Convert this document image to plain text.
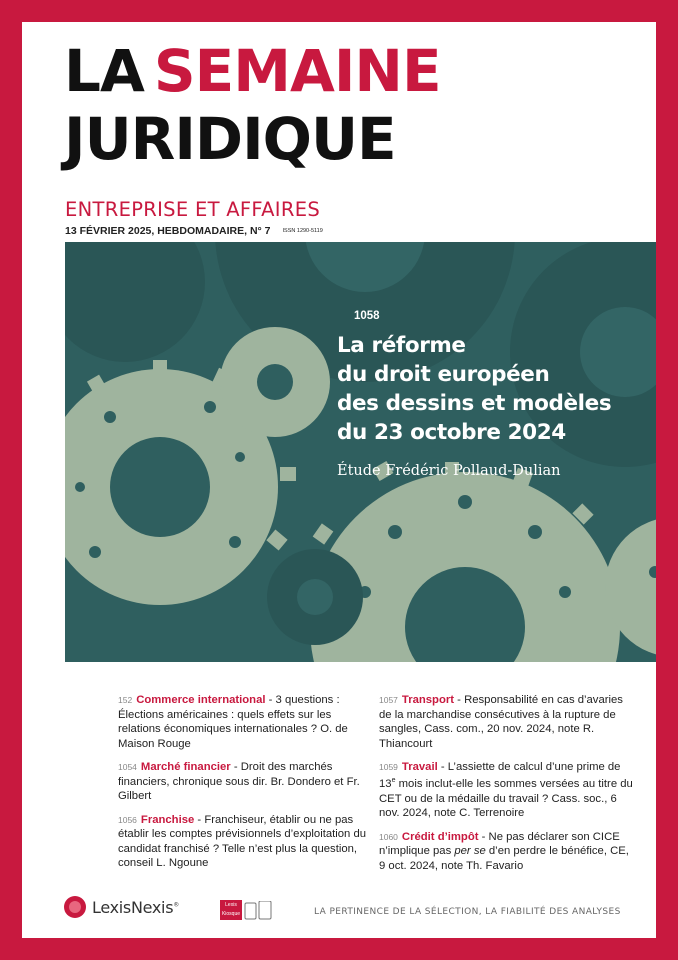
LA SEMAINE
JURIDIQUE
ENTREPRISE ET AFFAIRES
13 FÉVRIER 2025, HEBDOMADAIRE, N° 7 ISSN 1290-5119
1058
La réforme
du droit européen
des dessins et modèles
du 23 octobre 2024
Étude Frédéric Pollaud-Dulian
152 Commerce international - 3 questions : Élections américaines : quels effets sur les relations économiques internationales ? O. de Maison Rouge
1054 Marché financier - Droit des marchés financiers, chronique sous dir. Br. Dondero et Fr. Gilbert
1056 Franchise - Franchiseur, établir ou ne pas établir les comptes prévisionnels d’exploitation du candidat franchisé ? Telle n’est plus la question, conseil L. Ngoune
1057 Transport - Responsabilité en cas d’avaries de la marchandise consécutives à la rupture de sangles, Cass. com., 20 nov. 2024, note R. Thiancourt
1059 Travail - L’assiette de calcul d’une prime de 13e mois inclut-elle les sommes versées au titre du CET ou de la médaille du travail ? Cass. soc., 6 nov. 2024, note C. Terrenoire
1060 Crédit d’impôt - Ne pas déclarer son CICE n’implique pas per se d’en perdre le bénéfice, CE, 9 oct. 2024, note Th. Favario
LexisNexis®	Lexis
Kiosque	LA PERTINENCE DE LA SÉLECTION, LA FIABILITÉ DES ANALYSES
